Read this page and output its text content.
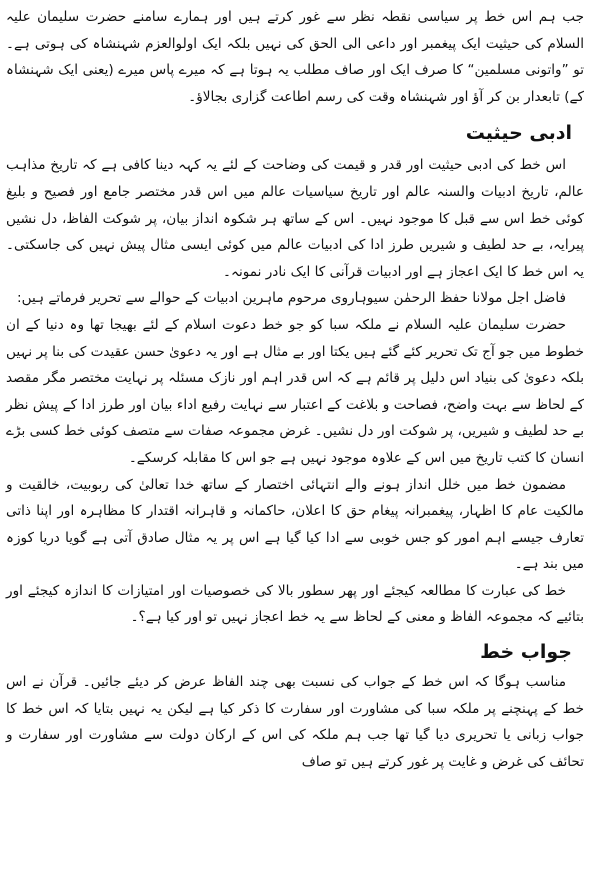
جب ہم اس خط پر سیاسی نقطہ نظر سے غور کرتے ہیں اور ہمارے سامنے حضرت سلیمان علیہ السلام کی حیثیت ایک پیغمبر اور داعی الی الحق کی نہیں بلکہ ایک اولوالعزم شہنشاہ کی ہوتی ہے۔ تو ”واتونی مسلمین“ کا صرف ایک اور صاف مطلب یہ ہوتا ہے کہ میرے پاس میرے (یعنی ایک شہنشاہ کے) تابعدار بن کر آؤ اور شہنشاہ وقت کی رسم اطاعت گزاری بجالاؤ۔

ادبی حیثیت

اس خط کی ادبی حیثیت اور قدر و قیمت کی وضاحت کے لئے یہ کہہ دینا کافی ہے کہ تاریخ مذاہب عالم، تاریخ ادبیات والسنہ عالم اور تاریخ سیاسیات عالم میں اس قدر مختصر جامع اور فصیح و بلیغ کوئی خط اس سے قبل کا موجود نہیں۔ اس کے ساتھ ہر شکوہ انداز بیان، پر شوکت الفاظ، دل نشیں پیرایہ، بے حد لطیف و شیریں طرز ادا کی ادبیات عالم میں کوئی ایسی مثال پیش نہیں کی جاسکتی۔ یہ اس خط کا ایک اعجاز ہے اور ادبیات قرآنی کا ایک نادر نمونہ۔

فاضل اجل مولانا حفظ الرحمٰن سیوہاروی مرحوم ماہرین ادبیات کے حوالے سے تحریر فرماتے ہیں:

حضرت سلیمان علیہ السلام نے ملکہ سبا کو جو خط دعوت اسلام کے لئے بھیجا تھا وہ دنیا کے ان خطوط میں جو آج تک تحریر کئے گئے ہیں یکتا اور بے مثال ہے اور یہ دعویٰ حسن عقیدت کی بنا پر نہیں بلکہ دعویٰ کی بنیاد اس دلیل پر قائم ہے کہ اس قدر اہم اور نازک مسئلہ پر نہایت مختصر مگر مقصد کے لحاظ سے بہت واضح، فصاحت و بلاغت کے اعتبار سے نہایت رفیع اداء بیان اور طرز ادا کے پیش نظر بے حد لطیف و شیریں، پر شوکت اور دل نشیں۔ غرض مجموعہ صفات سے متصف کوئی خط کسی بڑے انسان کا کتب تاریخ میں اس کے علاوہ موجود نہیں ہے جو اس کا مقابلہ کرسکے۔

مضمون خط میں خلل انداز ہونے والے انتہائی اختصار کے ساتھ خدا تعالیٰ کی ربوبیت، خالقیت و مالکیت عام کا اظہار، پیغمبرانہ پیغام حق کا اعلان، حاکمانہ و قاہرانہ اقتدار کا مظاہرہ اور اپنا ذاتی تعارف جیسے اہم امور کو جس خوبی سے ادا کیا گیا ہے اس پر یہ مثال صادق آتی ہے گویا دریا کوزہ میں بند ہے۔

خط کی عبارت کا مطالعہ کیجئے اور پھر سطور بالا کی خصوصیات اور امتیازات کا اندازہ کیجئے اور بتائیے کہ مجموعہ الفاظ و معنی کے لحاظ سے یہ خط اعجاز نہیں تو اور کیا ہے؟۔

جواب خط

مناسب ہوگا کہ اس خط کے جواب کی نسبت بھی چند الفاظ عرض کر دیئے جائیں۔ قرآن نے اس خط کے پہنچنے پر ملکہ سبا کی مشاورت اور سفارت کا ذکر کیا ہے لیکن یہ نہیں بتایا کہ اس خط کا جواب زبانی یا تحریری دیا گیا تھا جب ہم ملکہ کی اس کے ارکان دولت سے مشاورت اور سفارت و تحائف کی غرض و غایت پر غور کرتے ہیں تو صاف
